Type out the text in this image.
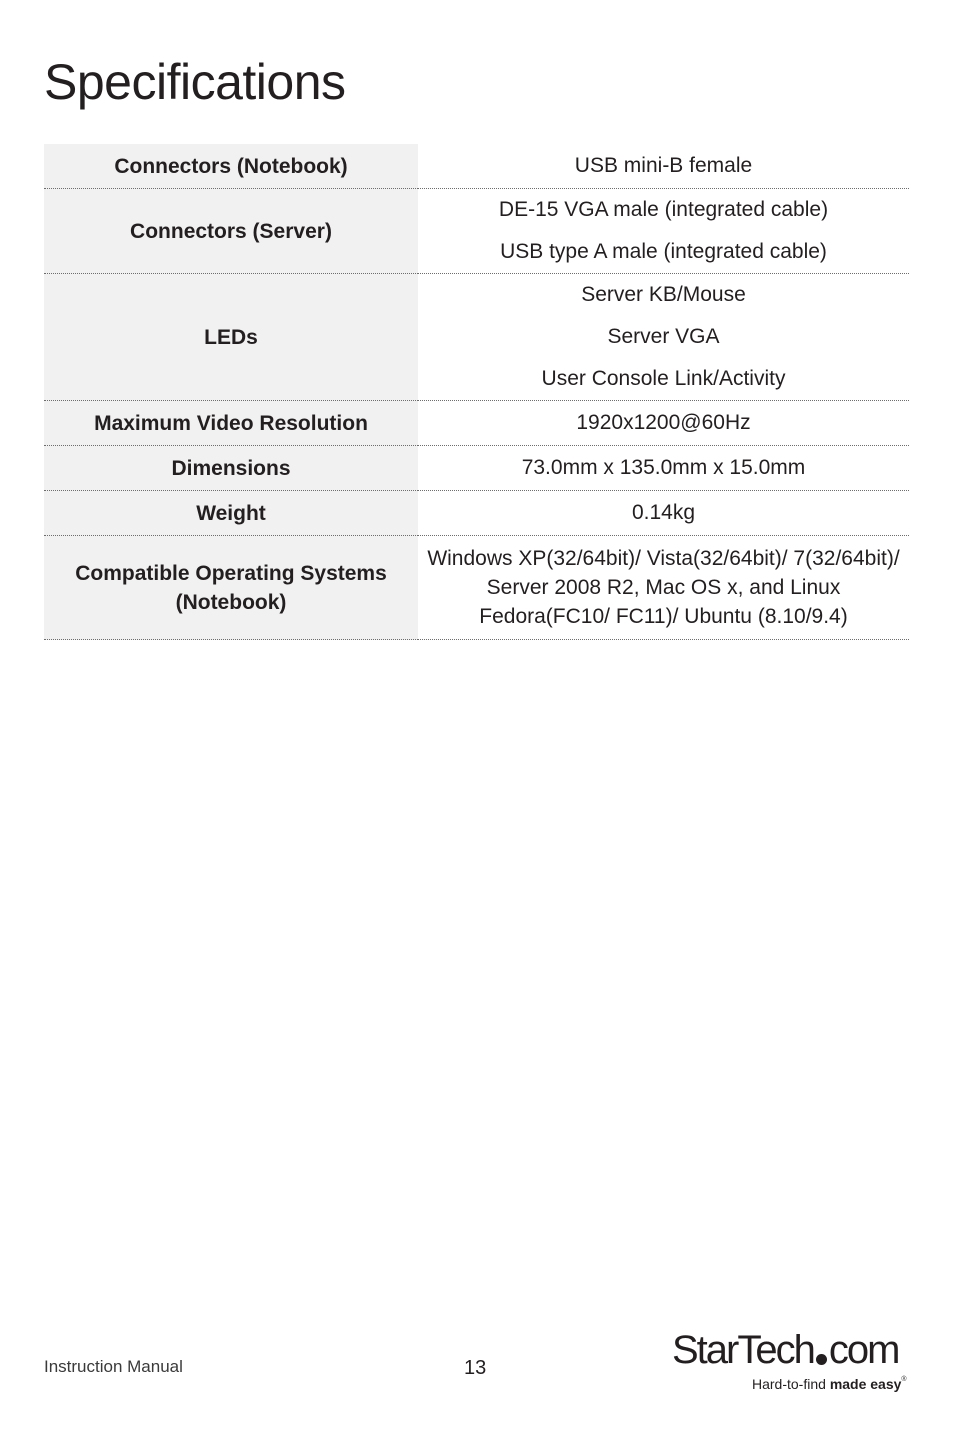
Specifications
Connectors (Notebook)	USB mini-B female

Connectors (Server)	DE-15 VGA male (integrated cable)
USB type A male (integrated cable)

LEDs	Server KB/Mouse
Server VGA
User Console Link/Activity

Maximum Video Resolution	1920x1200@60Hz

Dimensions	73.0mm x 135.0mm x 15.0mm

Weight	0.14kg

Compatible Operating Systems (Notebook)	Windows XP(32/64bit)/ Vista(32/64bit)/ 7(32/64bit)/ Server 2008 R2, Mac OS x, and Linux Fedora(FC10/ FC11)/ Ubuntu (8.10/9.4)
Instruction Manual	13	StarTech com
Hard-to-find made easy®
